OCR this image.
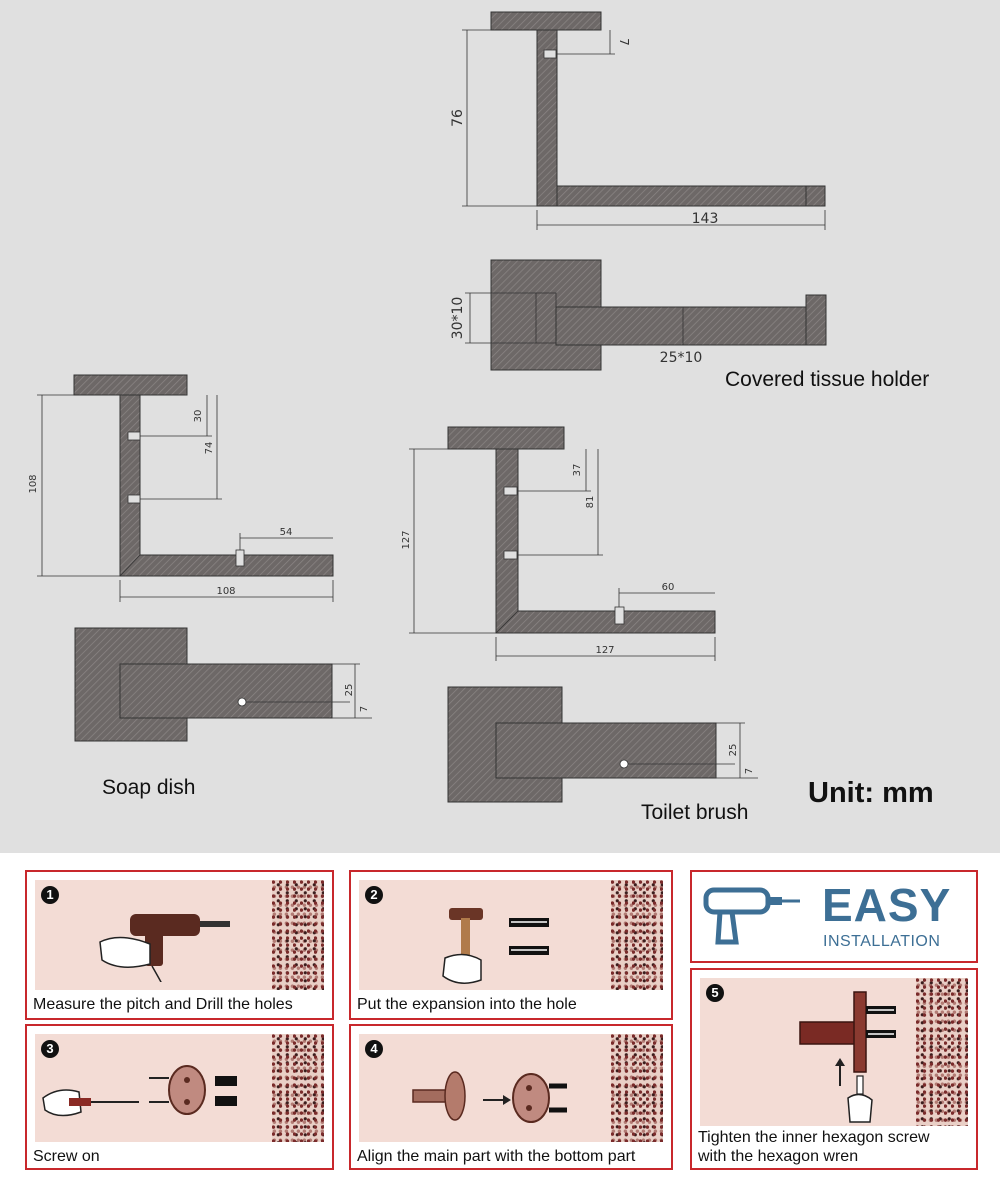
76
7
143
30*10
25*10
108
30
74
54
108
25
7
127
37
81
60
127
25
7
Covered tissue holder
Soap dish
Toilet brush
Unit: mm
1
Measure the pitch and Drill the holes
2
Put the expansion into the hole
EASY
INSTALLATION
3
Screw on
4
Align the main part with the bottom part
5
Tighten the inner hexagon screw
with the hexagon wren
